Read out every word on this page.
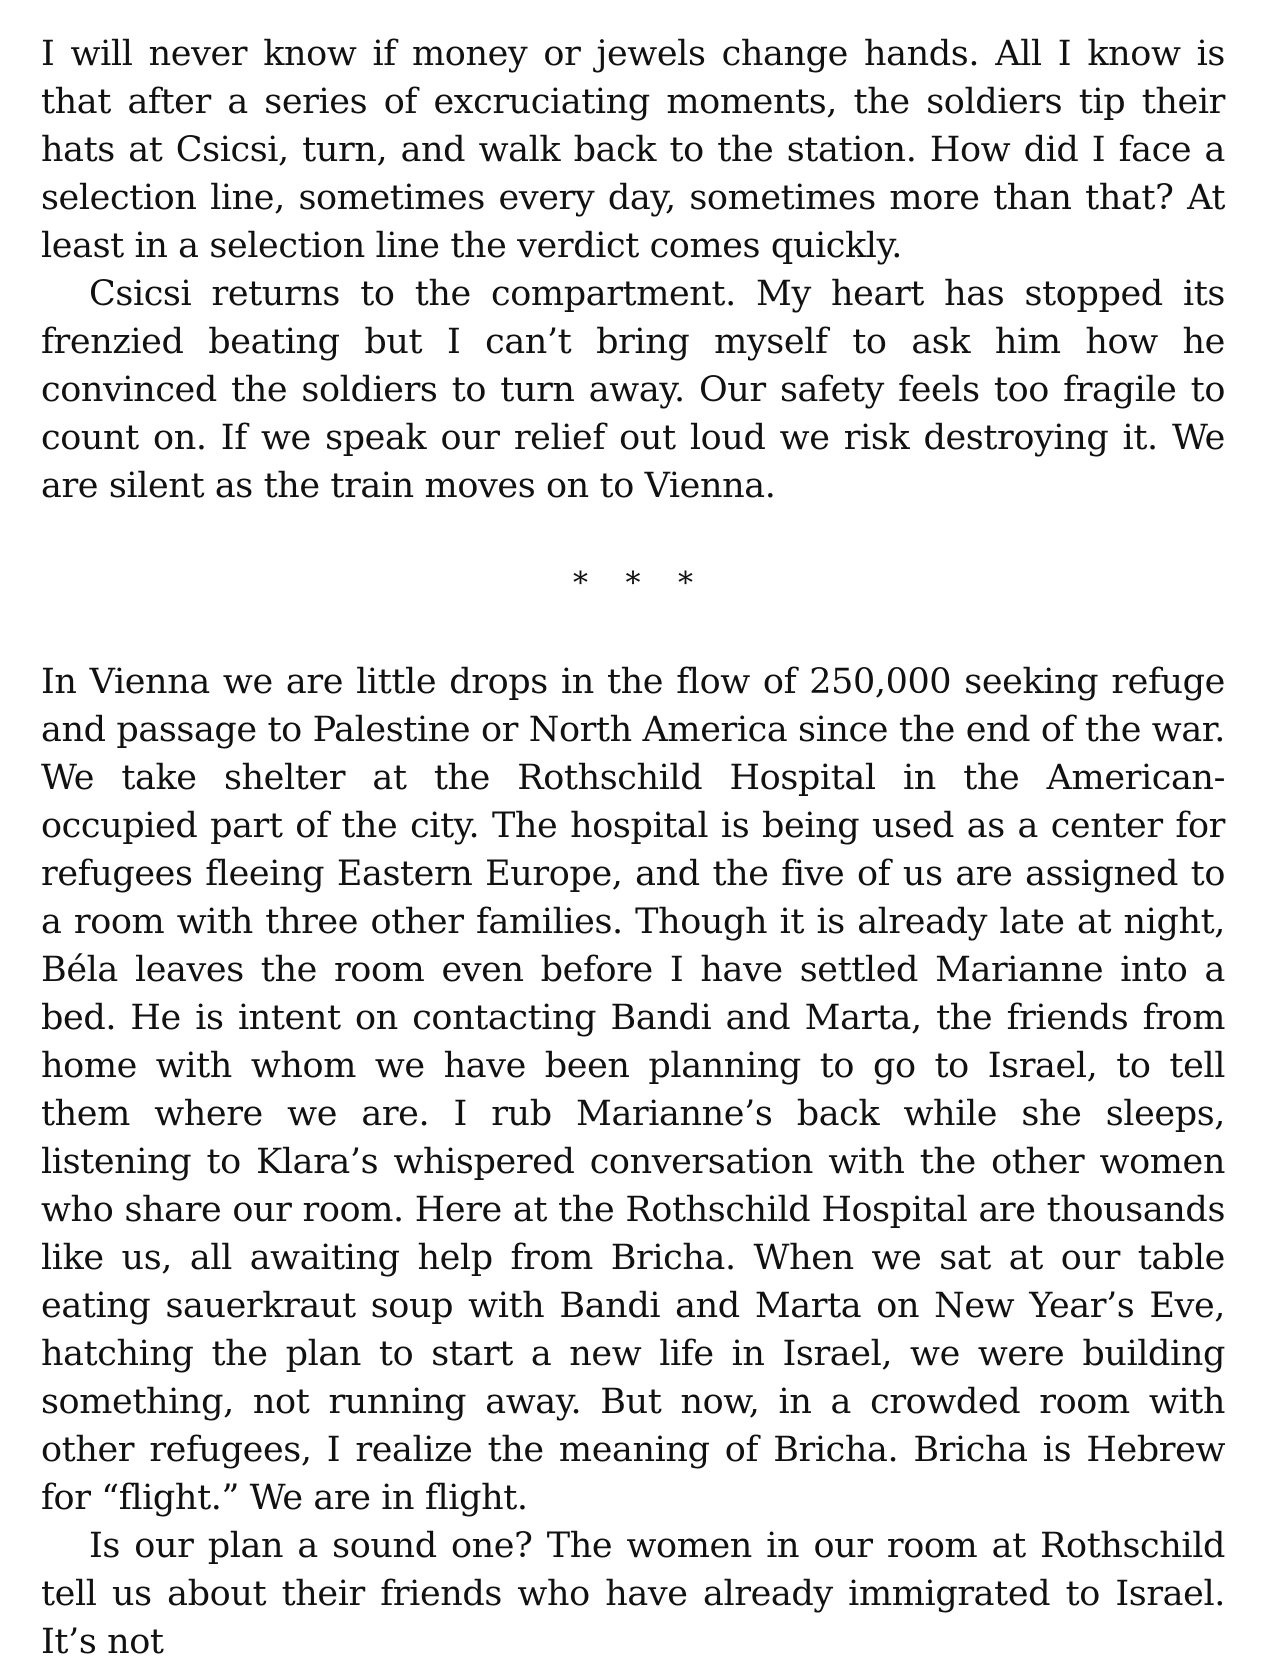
I will never know if money or jewels change hands. All I know is that after a series of excruciating moments, the soldiers tip their hats at Csicsi, turn, and walk back to the station. How did I face a selection line, sometimes every day, sometimes more than that? At least in a selection line the verdict comes quickly.

Csicsi returns to the compartment. My heart has stopped its frenzied beating but I can’t bring myself to ask him how he convinced the soldiers to turn away. Our safety feels too fragile to count on. If we speak our relief out loud we risk destroying it. We are silent as the train moves on to Vienna.

* * *

In Vienna we are little drops in the flow of 250,000 seeking refuge and passage to Palestine or North America since the end of the war. We take shelter at the Rothschild Hospital in the American-occupied part of the city. The hospital is being used as a center for refugees fleeing Eastern Europe, and the five of us are assigned to a room with three other families. Though it is already late at night, Béla leaves the room even before I have settled Marianne into a bed. He is intent on contacting Bandi and Marta, the friends from home with whom we have been planning to go to Israel, to tell them where we are. I rub Marianne’s back while she sleeps, listening to Klara’s whispered conversation with the other women who share our room. Here at the Rothschild Hospital are thousands like us, all awaiting help from Bricha. When we sat at our table eating sauerkraut soup with Bandi and Marta on New Year’s Eve, hatching the plan to start a new life in Israel, we were building something, not running away. But now, in a crowded room with other refugees, I realize the meaning of Bricha. Bricha is Hebrew for “flight.” We are in flight.

Is our plan a sound one? The women in our room at Rothschild tell us about their friends who have already immigrated to Israel. It’s not
